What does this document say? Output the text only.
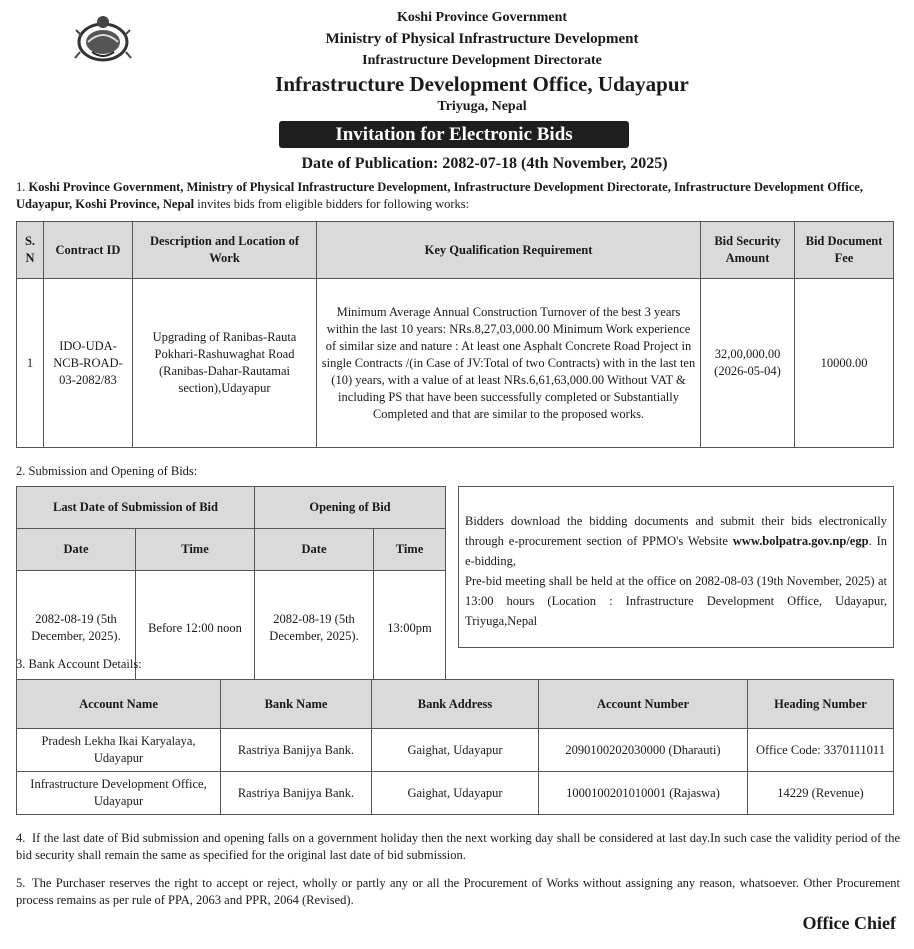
Koshi Province Government
Ministry of Physical Infrastructure Development
Infrastructure Development Directorate
Infrastructure Development Office, Udayapur
Triyuga, Nepal
Invitation for Electronic Bids
Date of Publication: 2082-07-18 (4th November, 2025)
1. Koshi Province Government, Ministry of Physical Infrastructure Development, Infrastructure Development Directorate, Infrastructure Development Office, Udayapur, Koshi Province, Nepal invites bids from eligible bidders for following works:
S. N	Contract ID	Description and Location of Work	Key Qualification Requirement	Bid Security Amount	Bid Document Fee
1	IDO-UDA-NCB-ROAD-03-2082/83	Upgrading of Ranibas-Rauta Pokhari-Rashuwaghat Road (Ranibas-Dahar-Rautamai section),Udayapur	Minimum Average Annual Construction Turnover of the best 3 years within the last 10 years: NRs.8,27,03,000.00 Minimum Work experience of similar size and nature : At least one Asphalt Concrete Road Project in single Contracts /(in Case of JV:Total of two Contracts) with in the last ten (10) years, with a value of at least NRs.6,61,63,000.00 Without VAT & including PS that have been successfully completed or Substantially Completed and that are similar to the proposed works.	32,00,000.00 (2026-05-04)	10000.00
2. Submission and Opening of Bids:
Last Date of Submission of Bid		Opening of Bid	
Date	Time	Date	Time
2082-08-19 (5th December, 2025).	Before 12:00 noon	2082-08-19 (5th December, 2025).	13:00pm
Bidders download the bidding documents and submit their bids electronically through e-procurement section of PPMO's Website www.bolpatra.gov.np/egp. In e-bidding,
Pre-bid meeting shall be held at the office on 2082-08-03 (19th November, 2025) at 13:00 hours (Location : Infrastructure Development Office, Udayapur, Triyuga,Nepal
3. Bank Account Details:
Account Name	Bank Name	Bank Address	Account Number	Heading Number
Pradesh Lekha Ikai Karyalaya, Udayapur	Rastriya Banijya Bank.	Gaighat, Udayapur	2090100202030000 (Dharauti)	Office Code: 3370111011
Infrastructure Development Office, Udayapur	Rastriya Banijya Bank.	Gaighat, Udayapur	1000100201010001 (Rajaswa)	14229 (Revenue)
4. If the last date of Bid submission and opening falls on a government holiday then the next working day shall be considered at last day.In such case the validity period of the bid security shall remain the same as specified for the original last date of bid submission.
5. The Purchaser reserves the right to accept or reject, wholly or partly any or all the Procurement of Works without assigning any reason, whatsoever. Other Procurement process remains as per rule of PPA, 2063 and PPR, 2064 (Revised).
Office Chief
